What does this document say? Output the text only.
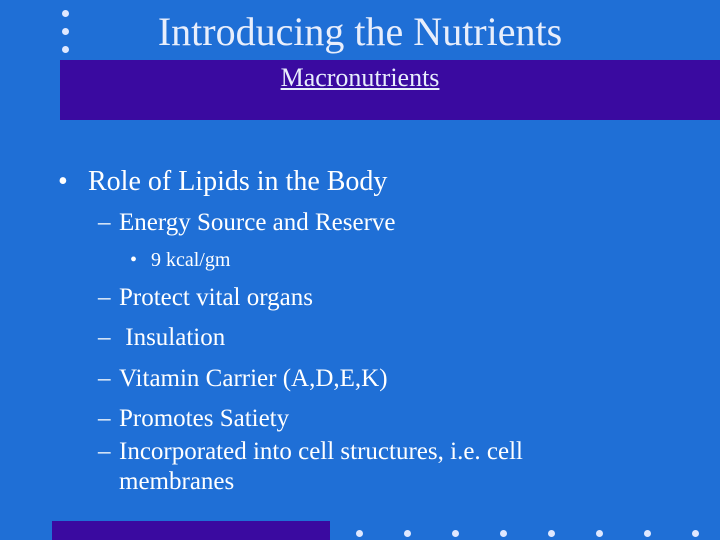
Introducing the Nutrients
Macronutrients
• Role of Lipids in the Body
– Energy Source and Reserve
• 9 kcal/gm
– Protect vital organs
– Insulation
– Vitamin Carrier (A,D,E,K)
– Promotes Satiety
– Incorporated into cell structures, i.e. cell
membranes
